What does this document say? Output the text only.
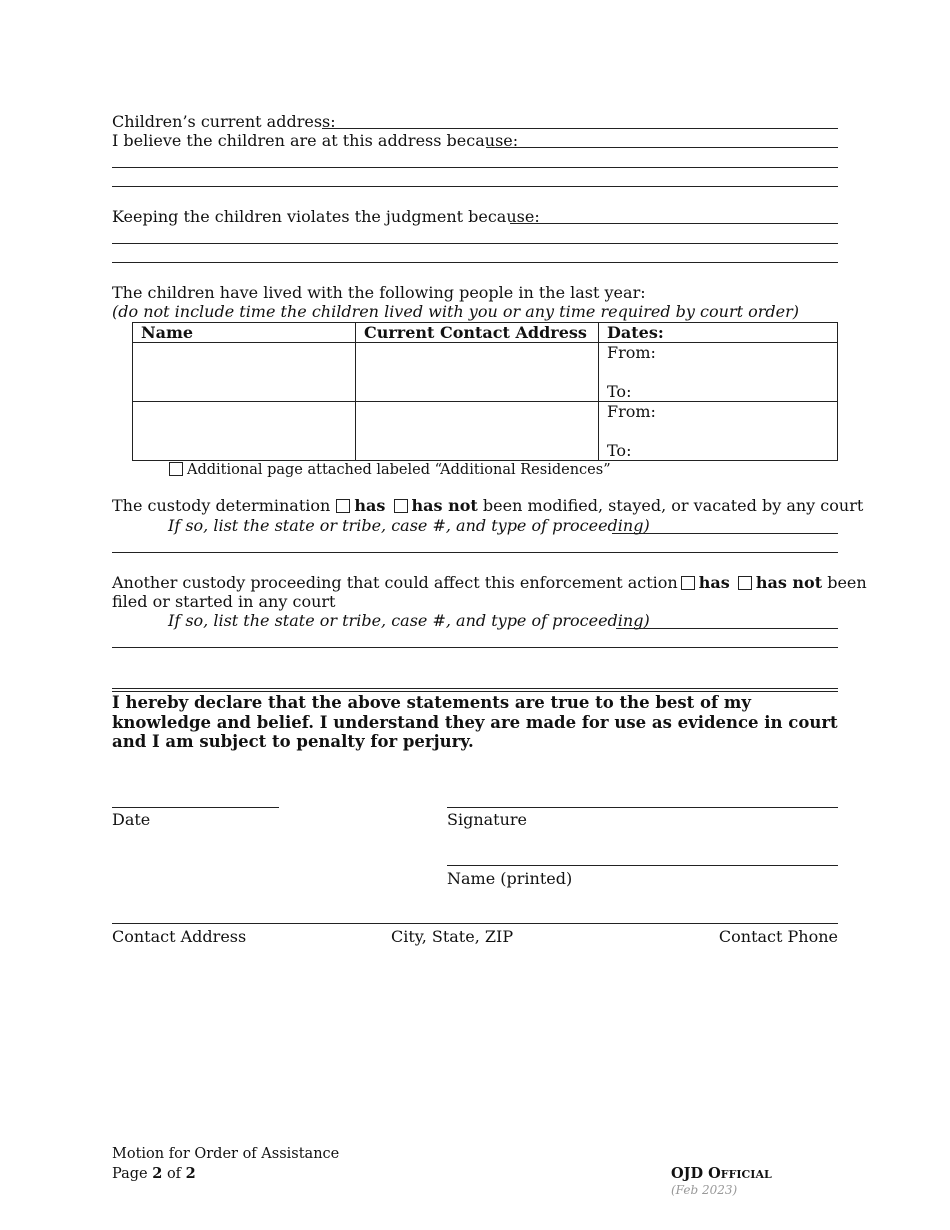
Children’s current address:
I believe the children are at this address because:
Keeping the children violates the judgment because:
The children have lived with the following people in the last year:
(do not include time the children lived with you or any time required by court order)
Name	Current Contact Address	Dates:

		From:
To:

		From:
To:
Additional page attached labeled “Additional Residences”
The custody determination has has not been modified, stayed, or vacated by any court
If so, list the state or tribe, case #, and type of proceeding)
Another custody proceeding that could affect this enforcement action has has not been
filed or started in any court
If so, list the state or tribe, case #, and type of proceeding)
I hereby declare that the above statements are true to the best of my knowledge and belief. I understand they are made for use as evidence in court and I am subject to penalty for perjury.
Date	Signature
Name (printed)
Contact Address	City, State, ZIP	Contact Phone
Motion for Order of Assistance
Page 2 of 2	OJD OFFICIAL
(Feb 2023)
